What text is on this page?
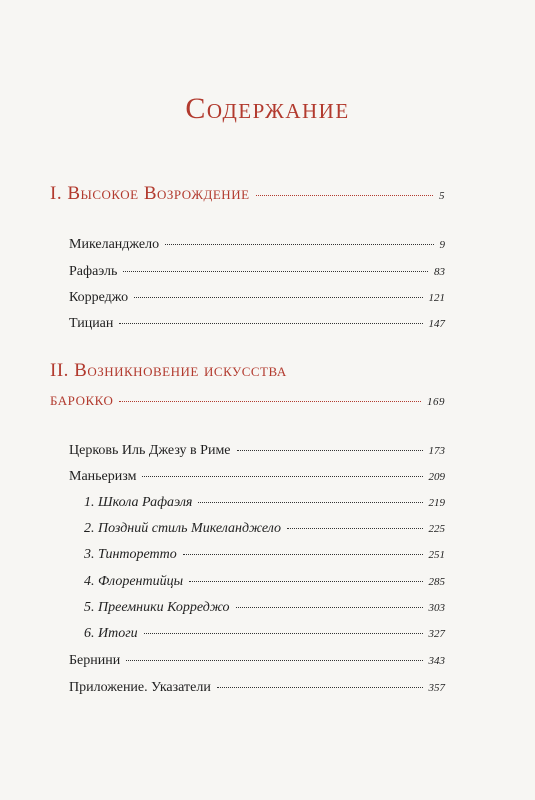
Содержание
I. Высокое Возрождение	5
Микеланджело	9
Рафаэль	83
Корреджо	121
Тициан	147
II. Возникновение искусства
барокко	169
Церковь Иль Джезу в Риме	173
Маньеризм	209
1. Школа Рафаэля	219
2. Поздний стиль Микеланджело	225
3. Тинторетто	251
4. Флорентийцы	285
5. Преемники Корреджо	303
6. Итоги	327
Бернини	343
Приложение. Указатели	357
